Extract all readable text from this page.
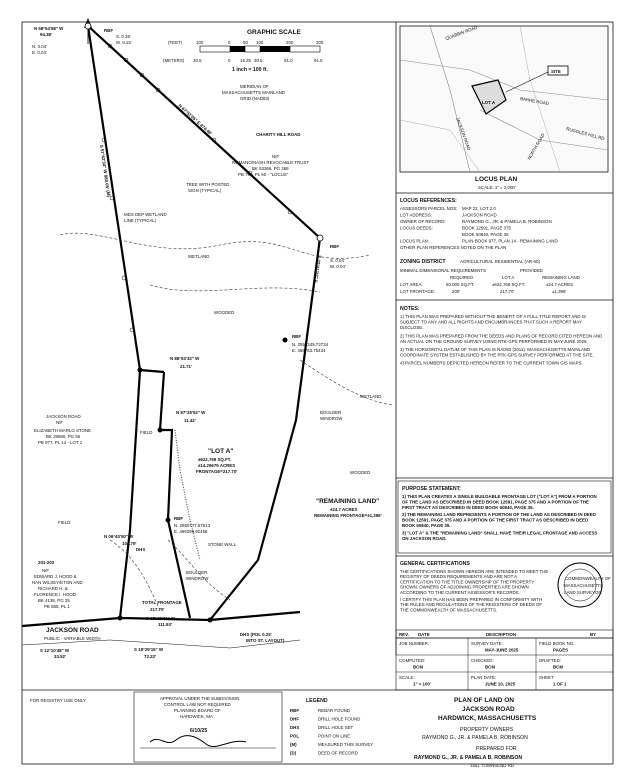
GRAPHIC SCALE
(FEET)	100	0	50 100	200	300
(METERS) 30.5	0 15.25 30.5	61.0	91.5
1 inch = 100 ft.
MERIDIAN OF
MASSACHUSETTS MAINLAND
GRID (NAD83)
N 58°54'58" W
94.38'
N. 0.04'
E. 0.04'
RBF
S. 0.38'
W. 0.15'
N 67°52'05" E 874.46'	CHARITY HILL ROAD
N/F
ROMANO/NASH REVOCABLE TRUST
BK 53366, PG 368
PB 790, PL 60 - "LOCUS"
TREE WITH POSTED
SIGN (TYPICAL)
MDS DEP WETLAND
LINE (TYPICAL)
WETLAND
WETLAND
WOODED
WOODED
S 57°42'34" W 880.05' (M)
RBF
S. 0.04'
W. 0.04'
S 22°41'22" E
RBF
N. 2951245.72734
E. 468753.75434
N 88°53'32" W
21.71'
N 87°25'52" W
11.42'
JACKSON ROAD
N/F
ELIZABETH MARLO STONE
BK 29580, PG 56
PB 977, PL 14 - LOT 1
FIELD
FIELD
BOULDER
WINDROW
BOULDER
WINDROW
"LOT A"
±622,768 SQ.FT.
±14.29679 ACRES
FRONTAGE=217.70'
"REMAINING LAND"
±24.7 ACRES
REMAINING FRONTAGE=±1,396'
RBF
N. 2950777.67613
E. 469298.92458
STONE WALL
N 06°40'50" W
104.79'
DHS
201-203
N/F
EDWARD J. HOOD &
NAN WILSEY/ETON AND
RICHARD H. &
FLORENCE I. HOOD
BK 4138, PG 25
PB 685, PL 1
TOTAL FRONTAGE
217.70'
S 15°45'33" W
111.93'
JACKSON ROAD
PUBLIC - VARIABLE WIDTH
S 12°10'48" W
33.52'
S 18°29'15" W
72.23'
DHS (POL 0.25'
INTO ST. LAYOUT)
SITE
LOT A
QUABBIN ROAD
JACKSON ROAD
BARRE ROAD
RUGGLES HILL RD
NORTH ROAD
LOCUS PLAN
SCALE: 1" = 2,000'
LOCUS REFERENCES:
ASSESSORS PARCEL NOS: MAP 22, LOT 2.0
LOT ADDRESS:	JACKSON ROAD
OWNER OF RECORD:	RAYMOND G., JR. & PAMELA B. ROBINSON
LOCUS DEEDS:	BOOK 12591, PAGE 375
BOOK 60840, PAGE 35
LOCUS PLAN:	PLAN BOOK 977, PLAN 14 - REMAINING LAND
OTHER PLAN REFERENCES NOTED ON THE PLAN
ZONING DISTRICT	AGRICULTURAL RESIDENTIAL (AR-60)
MINIMAL DIMENSIONAL REQUIREMENTS	PROVIDED
REQUIRED	LOT A	REMAINING LAND
LOT AREA:	60,000 SQ.FT.	±622,768 SQ.FT.	±24.7 ACRES
LOT FRONTAGE:	200'	217.70'	±1,396'
NOTES:
1) THIS PLAN WAS PREPARED WITHOUT THE BENEFIT OF A FULL TITLE REPORT AND IS
SUBJECT TO ANY AND ALL RIGHTS AND ENCUMBRANCES THAT SUCH A REPORT MAY
DISCLOSE.
2) THIS PLAN WAS PREPARED FROM THE DEEDS AND PLANS OF RECORD CITED HEREON AND
AN ACTUAL ON THE GROUND SURVEY USING RTK-GPS PERFORMED IN MAY-JUNE 2025.
3) THE HORIZONTAL DATUM OF THIS PLAN IS NAD83 (2011). MASSACHUSETTS MAINLAND
COORDINATE SYSTEM ESTABLISHED BY THE RTK-GPS SURVEY PERFORMED AT THE SITE.
4) PARCEL NUMBERS DEPICTED HEREON REFER TO THE CURRENT TOWN GIS MAPS.
PURPOSE STATEMENT:
1) THIS PLAN CREATES A SINGLE BUILDABLE FRONTAGE LOT ("LOT A") FROM A PORTION
OF THE LAND AS DESCRIBED IN DEED BOOK 12591, PAGE 375 AND A PORTION OF THE
FIRST TRACT AS DESCRIBED IN DEED BOOK 60840, PAGE 35.
2) THE REMAINING LAND REPRESENTS A PORTION OF THE LAND AS DESCRIBED IN DEED
BOOK 12591, PAGE 375 AND A PORTION OF THE FIRST TRACT AS DESCRIBED IN DEED
BOOK 60840, PAGE 35.
3) "LOT A" & THE "REMAINING LAND" SHALL HAVE THEIR LEGAL FRONTAGE AND ACCESS
ON JACKSON ROAD.
GENERAL CERTIFICATIONS
THE CERTIFICATIONS SHOWN HEREON ARE INTENDED TO MEET THE
REGISTRY OF DEEDS REQUIREMENTS AND ARE NOT A
CERTIFICATION TO THE TITLE OWNERSHIP OF THE PROPERTY
SHOWN. OWNERS OF ADJOINING PROPERTIES ARE SHOWN
ACCORDING TO THE CURRENT ASSESSOR'S RECORDS.
I CERTIFY THIS PLAN HAS BEEN PREPARED IN CONFORMITY WITH
THE RULES AND REGULATIONS OF THE REGISTERS OF DEEDS OF
THE COMMONWEALTH OF MASSACHUSETTS.
COMMONWEALTH OF
MASSACHUSETTS
LAND SURVEYOR
REV. DATE	DESCRIPTION	BY
JOB NUMBER:	SURVEY DATE:
MAY-JUNE 2025
FIELD BOOK NO.:
PAGES
COMPUTED:
BCM
CHECKED:
BCM
DRAFTED:
BCM
SCALE:
1" = 100'
PLAN DATE:
JUNE 10, 2025
SHEET
1 OF 1
PLAN OF LAND ON
JACKSON ROAD
HARDWICK, MASSACHUSETTS
PROPERTY OWNERS
RAYMOND G., JR. & PAMELA B. ROBINSON
PREPARED FOR
RAYMOND G., JR. & PAMELA B. ROBINSON
1561 TOWNSEND RD
FOR REGISTRY USE ONLY	APPROVAL UNDER THE SUBDIVISION
CONTROL LAW NOT REQUIRED
PLANNING BOARD OF
HARDWICK, MA
6/10/25
LEGEND
RBF	REBAR FOUND
DHF	DRILL HOLE FOUND
DHS	DRILL HOLE SET
POL	POINT ON LINE
(M)	MEASURED THIS SURVEY
(D)	DEED OF RECORD
